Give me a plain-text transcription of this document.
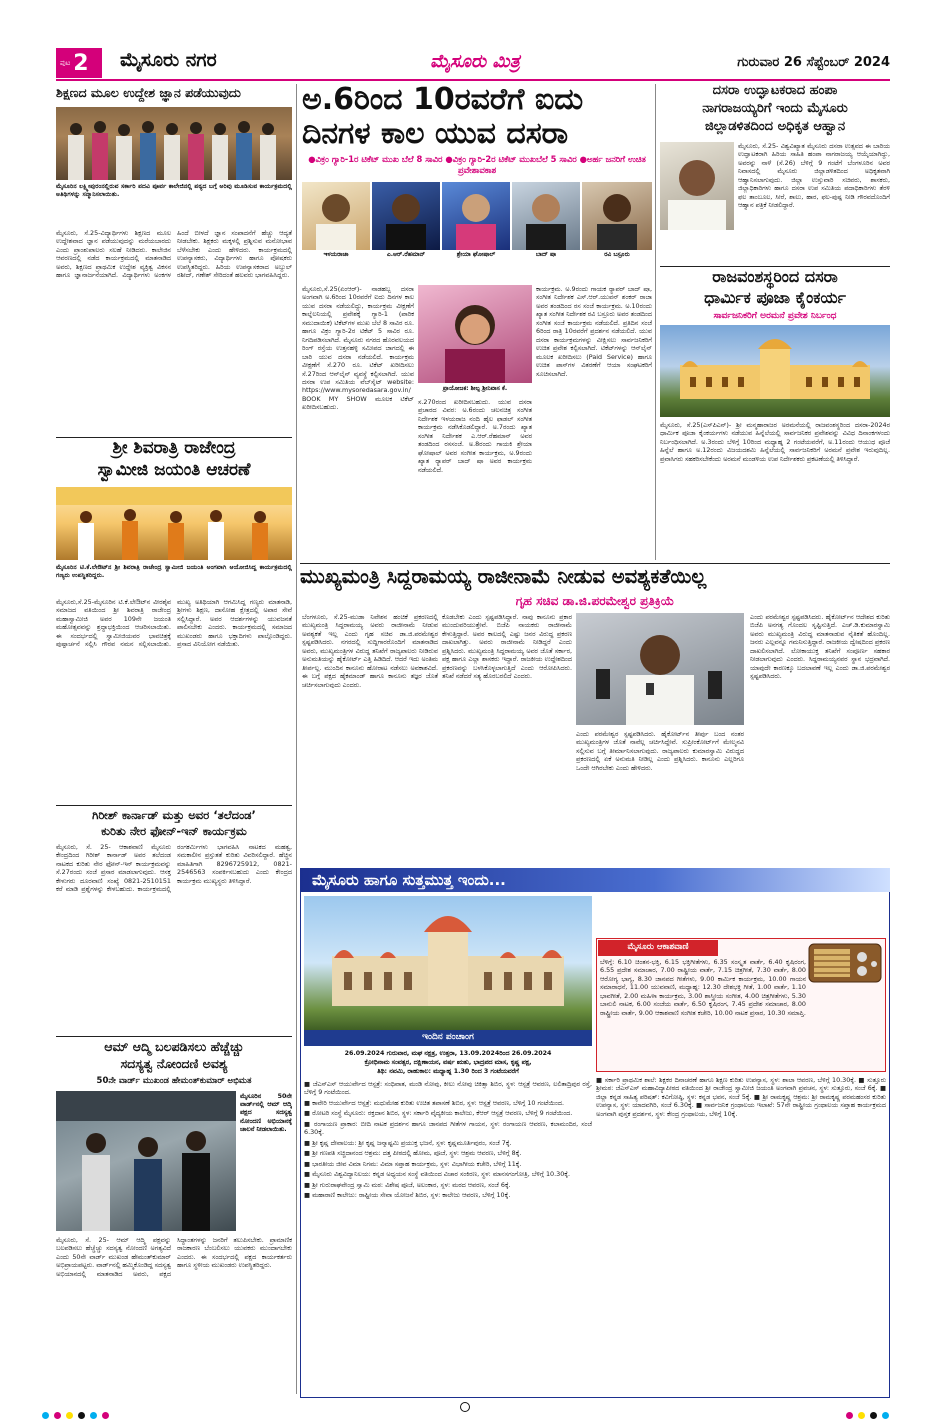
ಪುಟ 2 ಮೈಸೂರು ನಗರ	ಮೈಸೂರು ಮಿತ್ರ	ಗುರುವಾರ 26 ಸೆಪ್ಟೆಂಬರ್ 2024
ಶಿಕ್ಷಣದ ಮೂಲ ಉದ್ದೇಶ ಜ್ಞಾನ ಪಡೆಯುವುದು
ಮೈಸೂರಿನ ಲಕ್ಷ್ಮೀಪುರಂನಲ್ಲಿರುವ ಸರ್ಕಾರಿ ಪದವಿ ಪೂರ್ವ ಕಾಲೇಜಿನಲ್ಲಿ ಪಠ್ಯದ ಬಗ್ಗೆ ಅರಿವು ಮೂಡಿಸುವ ಕಾರ್ಯಕ್ರಮದಲ್ಲಿ ಅತಿಥಿಗಳನ್ನು ಸನ್ಮಾನಿಸಲಾಯಿತು.
ಮೈಸೂರು, ಸೆ.25-ವಿದ್ಯಾರ್ಥಿಗಳು ಶಿಕ್ಷಣದ ಮೂಲ ಉದ್ದೇಶವಾದ ಜ್ಞಾನ ಪಡೆಯುವುದನ್ನು ಮರೆಯಬಾರದು ಎಂದು ಪ್ರಾಂಶುಪಾಲರು ಸಲಹೆ ನೀಡಿದರು. ಕಾಲೇಜಿನ ಆವರಣದಲ್ಲಿ ನಡೆದ ಕಾರ್ಯಕ್ರಮದಲ್ಲಿ ಮಾತನಾಡಿದ ಅವರು, ಶಿಕ್ಷಣದ ಪ್ರಾಥಮಿಕ ಉದ್ದೇಶ ವ್ಯಕ್ತಿತ್ವ ವಿಕಸನ ಹಾಗೂ ಜ್ಞಾನಾರ್ಜನೆಯಾಗಿದೆ. ವಿದ್ಯಾರ್ಥಿಗಳು ಅಂಕಗಳ ಹಿಂದೆ ಬೀಳದೆ ಜ್ಞಾನ ಸಂಪಾದನೆಗೆ ಹೆಚ್ಚು ಆದ್ಯತೆ ನೀಡಬೇಕು. ಶಿಕ್ಷಕರು ಮಕ್ಕಳಲ್ಲಿ ಪ್ರಶ್ನಿಸುವ ಮನೋಭಾವ ಬೆಳೆಸಬೇಕು ಎಂದು ಹೇಳಿದರು. ಕಾರ್ಯಕ್ರಮದಲ್ಲಿ ಉಪನ್ಯಾಸಕರು, ವಿದ್ಯಾರ್ಥಿಗಳು ಹಾಗೂ ಪೋಷಕರು ಉಪಸ್ಥಿತರಿದ್ದರು. ಹಿರಿಯ ಉಪನ್ಯಾಸಕರಾದ ಅಬ್ದುಲ್ ರಶೀದ್, ಗಣೇಶ್ ಸೇರಿದಂತೆ ಹಲವರು ಭಾಗವಹಿಸಿದ್ದರು.
ಶ್ರೀ ಶಿವರಾತ್ರಿ ರಾಜೇಂದ್ರ
ಸ್ವಾಮೀಜಿ ಜಯಂತಿ ಆಚರಣೆ
ಮೈಸೂರಿನ ಟಿ.ಕೆ.ಲೇಔಟ್‌ನ ಶ್ರೀ ಶಿವರಾತ್ರಿ ರಾಜೇಂದ್ರ ಸ್ವಾಮೀಜಿ ಜಯಂತಿ ಅಂಗವಾಗಿ ಆಯೋಜಿಸಿದ್ದ ಕಾರ್ಯಕ್ರಮದಲ್ಲಿ ಗಣ್ಯರು ಉಪಸ್ಥಿತರಿದ್ದರು.
ಮೈಸೂರು,ಸೆ.25-ಮೈಸೂರಿನ ಟಿ.ಕೆ.ಲೇಔಟ್‌ನ ವೀರಶೈವ ಸಮಾಜದ ವತಿಯಿಂದ ಶ್ರೀ ಶಿವರಾತ್ರಿ ರಾಜೇಂದ್ರ ಮಹಾಸ್ವಾಮೀಜಿ ಅವರ 109ನೇ ಜಯಂತಿ ಮಹೋತ್ಸವವನ್ನು ಶ್ರದ್ಧಾಭಕ್ತಿಯಿಂದ ಆಚರಿಸಲಾಯಿತು. ಈ ಸಂದರ್ಭದಲ್ಲಿ ಸ್ವಾಮೀಜಿಯವರ ಭಾವಚಿತ್ರಕ್ಕೆ ಪುಷ್ಪಾರ್ಚನೆ ಸಲ್ಲಿಸಿ ಗೌರವ ನಮನ ಸಲ್ಲಿಸಲಾಯಿತು. ಮುಖ್ಯ ಅತಿಥಿಯಾಗಿ ಆಗಮಿಸಿದ್ದ ಗಣ್ಯರು ಮಾತನಾಡಿ, ಶ್ರೀಗಳು ಶಿಕ್ಷಣ, ದಾಸೋಹ ಕ್ಷೇತ್ರದಲ್ಲಿ ಅಪಾರ ಸೇವೆ ಸಲ್ಲಿಸಿದ್ದಾರೆ. ಅವರ ಆದರ್ಶಗಳನ್ನು ಯುವಜನತೆ ಪಾಲಿಸಬೇಕು ಎಂದರು. ಕಾರ್ಯಕ್ರಮದಲ್ಲಿ ಸಮಾಜದ ಮುಖಂಡರು ಹಾಗೂ ಭಕ್ತಾದಿಗಳು ಪಾಲ್ಗೊಂಡಿದ್ದರು. ಪ್ರಸಾದ ವಿನಿಯೋಗ ನಡೆಯಿತು.
ಗಿರೀಶ್ ಕಾರ್ನಾಡ್ ಮತ್ತು ಅವರ ‘ತಲೆದಂಡ’
ಕುರಿತು ನೇರ ಫೋನ್-ಇನ್ ಕಾರ್ಯಕ್ರಮ
ಮೈಸೂರು, ಸೆ. 25- ಆಕಾಶವಾಣಿ ಮೈಸೂರು ಕೇಂದ್ರದಿಂದ ಗಿರೀಶ್ ಕಾರ್ನಾಡ್ ಅವರ ತಲೆದಂಡ ನಾಟಕದ ಕುರಿತು ನೇರ ಫೋನ್-ಇನ್ ಕಾರ್ಯಕ್ರಮವನ್ನು ಸೆ.27ರಂದು ಸಂಜೆ ಪ್ರಸಾರ ಮಾಡಲಾಗುವುದು. ಆಸಕ್ತ ಕೇಳುಗರು ದೂರವಾಣಿ ಸಂಖ್ಯೆ 0821-2510151 ಕರೆ ಮಾಡಿ ಪ್ರಶ್ನೆಗಳನ್ನು ಕೇಳಬಹುದು. ಕಾರ್ಯಕ್ರಮದಲ್ಲಿ ರಂಗಕರ್ಮಿಗಳು ಭಾಗವಹಿಸಿ ನಾಟಕದ ಮಹತ್ವ, ಸಮಕಾಲೀನ ಪ್ರಸ್ತುತತೆ ಕುರಿತು ವಿವರಿಸಲಿದ್ದಾರೆ. ಹೆಚ್ಚಿನ ಮಾಹಿತಿಗಾಗಿ 8296725912, 0821-2546563 ಸಂಪರ್ಕಿಸಬಹುದು ಎಂದು ಕೇಂದ್ರದ ಕಾರ್ಯಕ್ರಮ ಮುಖ್ಯಸ್ಥರು ತಿಳಿಸಿದ್ದಾರೆ.
ಆಮ್ ಆದ್ಮಿ ಬಲಪಡಿಸಲು ಹೆಚ್ಚೆಚ್ಚು
ಸದಸ್ಯತ್ವ ನೋಂದಣಿ ಅವಶ್ಯ
50ನೇ ವಾರ್ಡ್ ಮುಖಂಡ ಹೇಮಂತ್‌ಕುಮಾರ್ ಅಭಿಮತ
ಮೈಸೂರಿನ 50ನೇ ವಾರ್ಡ್‌ನಲ್ಲಿ ಆಮ್ ಆದ್ಮಿ ಪಕ್ಷದ ಸದಸ್ಯತ್ವ ನೋಂದಣಿ ಅಭಿಯಾನಕ್ಕೆ ಚಾಲನೆ ನೀಡಲಾಯಿತು.
ಮೈಸೂರು, ಸೆ. 25- ಆಮ್ ಆದ್ಮಿ ಪಕ್ಷವನ್ನು ಬಲಪಡಿಸಲು ಹೆಚ್ಚೆಚ್ಚು ಸದಸ್ಯತ್ವ ನೋಂದಣಿ ಅಗತ್ಯವಿದೆ ಎಂದು 50ನೇ ವಾರ್ಡ್ ಮುಖಂಡ ಹೇಮಂತ್‌ಕುಮಾರ್ ಅಭಿಪ್ರಾಯಪಟ್ಟರು. ವಾರ್ಡ್‌ನಲ್ಲಿ ಹಮ್ಮಿಕೊಂಡಿದ್ದ ಸದಸ್ಯತ್ವ ಅಭಿಯಾನದಲ್ಲಿ ಮಾತನಾಡಿದ ಅವರು, ಪಕ್ಷದ ಸಿದ್ಧಾಂತಗಳನ್ನು ಜನರಿಗೆ ತಲುಪಿಸಬೇಕು. ಪ್ರಾಮಾಣಿಕ ರಾಜಕಾರಣ ಬೆಂಬಲಿಸಲು ಯುವಕರು ಮುಂದಾಗಬೇಕು ಎಂದರು. ಈ ಸಂದರ್ಭದಲ್ಲಿ ಪಕ್ಷದ ಕಾರ್ಯಕರ್ತರು ಹಾಗೂ ಸ್ಥಳೀಯ ಮುಖಂಡರು ಉಪಸ್ಥಿತರಿದ್ದರು.
ಅ.6ರಿಂದ 10ರವರೆಗೆ ಐದು
ದಿನಗಳ ಕಾಲ ಯುವ ದಸರಾ
●ವಿಕ್ರಂ ಗ್ಯಾರಿ-1ರ ಟಿಕೆಟ್ ಮುಖ ಬೆಲೆ 8 ಸಾವಿರ ●ವಿಕ್ರಂ ಗ್ಯಾರಿ-2ರ ಟಿಕೆಟ್ ಮುಖಬೆಲೆ 5 ಸಾವಿರ ●ಅರ್ಹ ಜನರಿಗೆ ಉಚಿತ ಪ್ರವೇಶಾವಕಾಶ
ಇಳಯರಾಜಾ	ಎ.ಆರ್.ರೆಹಮಾನ್	ಶ್ರೇಯಾ ಘೋಷಾಲ್	ಬಾದ್ ಷಾ	ರವಿ ಬಸ್ರೂರು
ಮೈಸೂರು,ಸೆ.25(ಏಂಆರ್)- ನಾಡಹಬ್ಬ ದಸರಾ ಅಂಗವಾಗಿ ಅ.6ರಿಂದ 10ರವರೆಗೆ ಐದು ದಿನಗಳ ಕಾಲ ಯುವ ದಸರಾ ನಡೆಯಲಿದ್ದು, ಕಾರ್ಯಕ್ರಮ ವೀಕ್ಷಣೆಗೆ ಕಾಲ್ನೆಲನಿಯಲ್ಲಿ ಪ್ರವೇಶಕ್ಕೆ ಗ್ಯಾರಿ-1 (ಪಾರಿಕ ಸಮುದಾಯಿಕ) ಟಿಕೆಟ್‌ಗಳ ಮುಖ ಬೆಲೆ 8 ಸಾವಿರ ರೂ. ಹಾಗೂ ವಿಕ್ರಂ ಗ್ಯಾರಿ-2ರ ಟಿಕೆಟ್ 5 ಸಾವಿರ ರೂ. ನಿಗದಿಪಡಿಸಲಾಗಿದೆ. ಮೈಸೂರು ನಗರದ ಹೊರವಲಯದ ರಿಂಗ್ ರಸ್ತೆಯ ಉತ್ತನಹಳ್ಳಿ ಸಮೀಪದ ಜಾಗದಲ್ಲಿ ಈ ಬಾರಿ ಯುವ ದಸರಾ ನಡೆಯಲಿದೆ. ಕಾರ್ಯಕ್ರಮ ವೀಕ್ಷಣೆಗೆ ಸೆ.270 ರೂ. ಟಿಕೆಟ್ ಖರೀದಿಸಲು ಸೆ.27ರಿಂದ ಆನ್‌ಲೈನ್ ವ್ಯವಸ್ಥೆ ಕಲ್ಪಿಸಲಾಗಿದೆ. ಯುವ ದಸರಾ ಉಪ ಸಮಿತಿಯ ವೆಬ್‌ಸೈಟ್ website: https://www.mysoredasara.gov.in/ BOOK MY SHOW ಮೂಲಕ ಟಿಕೆಟ್ ಖರೀದಿಸಬಹುದು.
ಪ್ರಾಯೋಜಕ: ಶೀಲ್ಪ ಶ್ರೀನಿವಾಸ ಕೆ.
ಸ.270ರಂದ ಖರೀದಿಸಬಹುದು. ಯುವ ದಸರಾ ಪ್ರಚಾರದ ವಿವರ: ಅ.6ರಂದು ಚಲನಚಿತ್ರ ಸಂಗೀತ ನಿರ್ದೇಶಕ ಇಳಯರಾಜ ನಂದಿ ಹೈಲ ಫಾಡಲ್ ಸಂಗೀತ ಕಾರ್ಯಕ್ರಮ ನಡೆಸಿಕೊಡಲಿದ್ದಾರೆ. ಅ.7ರಂದು ಖ್ಯಾತ ಸಂಗೀತ ನಿರ್ದೇಶಕ ಎ.ಆರ್.ರೆಹಮಾನ್ ಅವರ ತಂಡದಿಂದ ರಸಸಂಜೆ. ಅ.8ರಂದು ಗಾಯಕಿ ಶ್ರೇಯಾ ಘೋಷಾಲ್ ಅವರ ಸಂಗೀತ ಕಾರ್ಯಕ್ರಮ, ಅ.9ರಂದು ಖ್ಯಾತ ರ‍್ಯಾಪರ್ ಬಾದ್ ಷಾ ಅವರ ಕಾರ್ಯಕ್ರಮ ನಡೆಯಲಿದೆ.
ಕಾರ್ಯಕ್ರಮ. ಅ.9ರಂದು ಗಾಯಕ ರ‍್ಯಾಪರ್ ಬಾದ್ ಷಾ, ಸಂಗೀತ ನಿರ್ದೇಶಕ ಎಸ್.ಆರ್.ಯುವನ್ ಶಂಕರ್ ರಾಜಾ ಅವರ ತಂಡದಿಂದ ರಸ ಸಂಜೆ ಕಾರ್ಯಕ್ರಮ. ಅ.10ರಂದು ಖ್ಯಾತ ಸಂಗೀತ ನಿರ್ದೇಶಕ ರವಿ ಬಸ್ರೂರು ಅವರ ತಂಡದಿಂದ ಸಂಗೀತ ಸಂಜೆ ಕಾರ್ಯಕ್ರಮ ನಡೆಯಲಿದೆ. ಪ್ರತಿದಿನ ಸಂಜೆ 6ರಿಂದ ರಾತ್ರಿ 10ರವರೆಗೆ ಪ್ರದರ್ಶನ ನಡೆಯಲಿದೆ. ಯುವ ದಸರಾ ಕಾರ್ಯಕ್ರಮಗಳನ್ನು ವೀಕ್ಷಿಸಲು ಸಾರ್ವಜನಿಕರಿಗೆ ಉಚಿತ ಪ್ರವೇಶ ಕಲ್ಪಿಸಲಾಗಿದೆ. ಟಿಕೆಟ್‌ಗಳನ್ನು ಆನ್‌ಲೈನ್ ಮೂಲಕ ಖರೀದಿಸಲು (Paid Service) ಹಾಗೂ ಉಚಿತ ಪಾಸ್‌ಗಳ ವಿತರಣೆಗೆ ಆಯಾ ಸಂಘಟಕರಿಗೆ ಸೂಚಿಸಲಾಗಿದೆ.
ದಸರಾ ಉದ್ಘಾಟಕರಾದ ಹಂಪಾ
ನಾಗರಾಜಯ್ಯರಿಗೆ ಇಂದು ಮೈಸೂರು
ಜಿಲ್ಲಾಡಳಿತದಿಂದ ಅಧಿಕೃತ ಆಹ್ವಾನ
ಮೈಸೂರು, ಸೆ.25- ವಿಶ್ವವಿಖ್ಯಾತ ಮೈಸೂರು ದಸರಾ ಉತ್ಸವದ ಈ ಬಾರಿಯ ಉದ್ಘಾಟಕರಾಗಿ ಹಿರಿಯ ಸಾಹಿತಿ ಹಂಪಾ ನಾಗರಾಜಯ್ಯ ಆಯ್ಕೆಯಾಗಿದ್ದು, ಅವರನ್ನು ನಾಳೆ (ಸೆ.26) ಬೆಳಿಗ್ಗೆ 9 ಗಂಟೆಗೆ ಬೆಂಗಳೂರಿನ ಅವರ ನಿವಾಸದಲ್ಲಿ ಮೈಸೂರು ಜಿಲ್ಲಾಡಳಿತದಿಂದ ಅಧಿಕೃತವಾಗಿ ಆಹ್ವಾನಿಸಲಾಗುವುದು. ಜಿಲ್ಲಾ ಉಸ್ತುವಾರಿ ಸಚಿವರು, ಶಾಸಕರು, ಜಿಲ್ಲಾಧಿಕಾರಿಗಳು ಹಾಗೂ ದಸರಾ ಉಪ ಸಮಿತಿಯ ಪದಾಧಿಕಾರಿಗಳು ತೆರಳಿ ಫಲ ತಾಂಬೂಲ, ಸೀರೆ, ಶಾಲು, ಹಾರ, ಫಲ-ಪುಷ್ಪ ನೀಡಿ ಗೌರವದೊಂದಿಗೆ ಆಹ್ವಾನ ಪತ್ರಿಕೆ ನೀಡಲಿದ್ದಾರೆ.
ರಾಜವಂಶಸ್ಥರಿಂದ ದಸರಾ
ಧಾರ್ಮಿಕ ಪೂಜಾ ಕೈಂಕರ್ಯ
ಸಾರ್ವಜನಿಕರಿಗೆ ಅರಮನೆ ಪ್ರವೇಶ ನಿರ್ಬಂಧ
ಮೈಸೂರು, ಸೆ.25(ಎಸ್‌ಪಿಎನ್)- ಶ್ರೀ ಮನ್ಮಹಾರಾಜರ ಅರಮನೆಯಲ್ಲಿ ರಾಜವಂಶಸ್ಥರಿಂದ ದಸರಾ-2024ರ ಧಾರ್ಮಿಕ ಪೂಜಾ ಕೈಂಕರ್ಯಗಳು ನಡೆಯುವ ಹಿನ್ನೆಲೆಯಲ್ಲಿ ಸಾರ್ವಜನಿಕರ ಪ್ರವೇಶವನ್ನು ವಿವಿಧ ದಿನಾಂಕಗಳಂದು ನಿರ್ಬಂಧಿಸಲಾಗಿದೆ. ಅ.3ರಂದು ಬೆಳಿಗ್ಗೆ 10ರಿಂದ ಮಧ್ಯಾಹ್ನ 2 ಗಂಟೆಯವರೆಗೆ, ಅ.11ರಂದು ಆಯುಧ ಪೂಜೆ ಹಿನ್ನೆಲೆ ಹಾಗೂ ಅ.12ರಂದು ವಿಜಯದಶಮಿ ಹಿನ್ನೆಲೆಯಲ್ಲಿ ಸಾರ್ವಜನಿಕರಿಗೆ ಅರಮನೆ ಪ್ರವೇಶ ಇರುವುದಿಲ್ಲ. ಪ್ರವಾಸಿಗರು ಸಹಕರಿಸಬೇಕೆಂದು ಅರಮನೆ ಮಂಡಳಿಯ ಉಪ ನಿರ್ದೇಶಕರು ಪ್ರಕಟಣೆಯಲ್ಲಿ ತಿಳಿಸಿದ್ದಾರೆ.
ಮುಖ್ಯಮಂತ್ರಿ ಸಿದ್ದರಾಮಯ್ಯ ರಾಜೀನಾಮೆ ನೀಡುವ ಅವಶ್ಯಕತೆಯಿಲ್ಲ
ಗೃಹ ಸಚಿವ ಡಾ.ಜಿ.ಪರಮೇಶ್ವರ ಪ್ರತಿಕ್ರಿಯೆ
ಬೆಂಗಳೂರು, ಸೆ.25-ಮುಡಾ ನಿವೇಶನ ಹಂಚಿಕೆ ಪ್ರಕರಣದಲ್ಲಿ ಮುಖ್ಯಮಂತ್ರಿ ಸಿದ್ದರಾಮಯ್ಯ ಅವರು ರಾಜೀನಾಮೆ ನೀಡುವ ಅವಶ್ಯಕತೆ ಇಲ್ಲ ಎಂದು ಗೃಹ ಸಚಿವ ಡಾ.ಜಿ.ಪರಮೇಶ್ವರ ಸ್ಪಷ್ಟಪಡಿಸಿದರು. ನಗರದಲ್ಲಿ ಸುದ್ದಿಗಾರರೊಂದಿಗೆ ಮಾತನಾಡಿದ ಅವರು, ಮುಖ್ಯಮಂತ್ರಿಗಳ ವಿರುದ್ಧ ತನಿಖೆಗೆ ರಾಜ್ಯಪಾಲರು ನೀಡಿರುವ ಅನುಮತಿಯನ್ನು ಹೈಕೋರ್ಟ್ ಎತ್ತಿ ಹಿಡಿದಿದೆ. ಆದರೆ ಇದು ಅಂತಿಮ ತೀರ್ಪಲ್ಲ. ಮುಂದಿನ ಕಾನೂನು ಹೋರಾಟ ನಡೆಸಲು ಅವಕಾಶವಿದೆ. ಈ ಬಗ್ಗೆ ಪಕ್ಷದ ಹೈಕಮಾಂಡ್ ಹಾಗೂ ಕಾನೂನು ತಜ್ಞರ ಜೊತೆ ಚರ್ಚಿಸಲಾಗುವುದು ಎಂದರು.
ಕೊಡಬೇಕು ಎಂದು ಸ್ಪಷ್ಟಪಡಿಸಿದ್ದಾರೆ. ನಾವು ಕಾನೂನು ಪ್ರಕಾರ ಮುಂದುವರಿಯುತ್ತೇವೆ. ಬಿಜೆಪಿ ನಾಯಕರು ರಾಜೀನಾಮೆ ಕೇಳುತ್ತಿದ್ದಾರೆ. ಅವರ ಕಾಲದಲ್ಲಿ ಎಷ್ಟು ಜನರ ವಿರುದ್ಧ ಪ್ರಕರಣ ದಾಖಲಾಗಿತ್ತು. ಅವರು ರಾಜೀನಾಮೆ ನೀಡಿದ್ದರೆ ಎಂದು ಪ್ರಶ್ನಿಸಿದರು. ಮುಖ್ಯಮಂತ್ರಿ ಸಿದ್ದರಾಮಯ್ಯ ಅವರ ಜೊತೆ ಸರ್ಕಾರ, ಪಕ್ಷ ಹಾಗೂ ಎಲ್ಲಾ ಶಾಸಕರು ಇದ್ದಾರೆ. ರಾಜಕೀಯ ಉದ್ದೇಶದಿಂದ ಪ್ರಕರಣವನ್ನು ಬಳಸಿಕೊಳ್ಳಲಾಗುತ್ತಿದೆ ಎಂದು ಆರೋಪಿಸಿದರು. ತನಿಖೆ ನಡೆದರೆ ಸತ್ಯ ಹೊರಬರಲಿದೆ ಎಂದರು.
ಎಂದು ಪರಮೇಶ್ವರ ಸ್ಪಷ್ಟಪಡಿಸಿದರು. ಹೈಕೋರ್ಟ್‌ನ ತೀರ್ಪು ಬಂದ ನಂತರ ಮುಖ್ಯಮಂತ್ರಿಗಳ ಜೊತೆ ನಾವೆಲ್ಲ ಚರ್ಚಿಸಿದ್ದೇವೆ. ಸುಪ್ರೀಂಕೋರ್ಟ್‌ಗೆ ಮೇಲ್ಮನವಿ ಸಲ್ಲಿಸುವ ಬಗ್ಗೆ ತೀರ್ಮಾನಿಸಲಾಗುವುದು. ರಾಜ್ಯಪಾಲರು ಕುಮಾರಸ್ವಾಮಿ ವಿರುದ್ಧದ ಪ್ರಕರಣದಲ್ಲಿ ಏಕೆ ಅನುಮತಿ ನೀಡಿಲ್ಲ ಎಂದು ಪ್ರಶ್ನಿಸಿದರು. ಕಾನೂನು ಎಲ್ಲರಿಗೂ ಒಂದೇ ಆಗಿರಬೇಕು ಎಂದು ಹೇಳಿದರು.
ಎಂದು ಪರಮೇಶ್ವರ ಸ್ಪಷ್ಟಪಡಿಸಿದರು. ಹೈಕೋರ್ಟ್‌ನ ಆದೇಶದ ಕುರಿತು ಬಿಜೆಪಿ ಅನಗತ್ಯ ಗೊಂದಲ ಸೃಷ್ಟಿಸುತ್ತಿದೆ. ಎಚ್.ಡಿ.ಕುಮಾರಸ್ವಾಮಿ ಅವರು ಮುಖ್ಯಮಂತ್ರಿ ವಿರುದ್ಧ ಮಾತನಾಡುವ ನೈತಿಕತೆ ಹೊಂದಿಲ್ಲ. ಜನರು ಎಲ್ಲವನ್ನೂ ಗಮನಿಸುತ್ತಿದ್ದಾರೆ. ರಾಜಕೀಯ ದ್ವೇಷದಿಂದ ಪ್ರಕರಣ ದಾಖಲಿಸಲಾಗಿದೆ. ಲೋಕಾಯುಕ್ತ ತನಿಖೆಗೆ ಸಂಪೂರ್ಣ ಸಹಕಾರ ನೀಡಲಾಗುವುದು ಎಂದರು. ಸಿದ್ದರಾಮಯ್ಯನವರ ಸ್ಥಾನ ಭದ್ರವಾಗಿದೆ. ಯಾವುದೇ ಕಾರಣಕ್ಕೂ ಬದಲಾವಣೆ ಇಲ್ಲ ಎಂದು ಡಾ.ಜಿ.ಪರಮೇಶ್ವರ ಸ್ಪಷ್ಟಪಡಿಸಿದರು.
ಮೈಸೂರು ಹಾಗೂ ಸುತ್ತಮುತ್ತ ಇಂದು...
ಇಂದಿನ ಪಂಚಾಂಗ
26.09.2024 ಗುರುವಾರ, ಮಘ ನಕ್ಷತ್ರ, ಉತ್ತರಾ, 13.09.2024ರಿಂದ 26.09.2024
ಕ್ರೋಧಿನಾಮ ಸಂವತ್ಸರ, ದಕ್ಷಿಣಾಯನ, ವರ್ಷ ಋತು, ಭಾದ್ರಪದ ಮಾಸ, ಕೃಷ್ಣ ಪಕ್ಷ,
ತಿಥಿ: ನವಮಿ, ರಾಹುಕಾಲ: ಮಧ್ಯಾಹ್ನ 1.30 ರಿಂದ 3 ಗಂಟೆಯವರೆಗೆ
■ ಜೆಎಸ್‌ಎಸ್ ಆಯುರ್ವೇದ ಆಸ್ಪತ್ರೆ: ಸಂಧಿವಾತ, ಮಂಡಿ ನೋವು, ಕೀಲು ನೋವು ಚಿಕಿತ್ಸಾ ಶಿಬಿರ, ಸ್ಥಳ: ಆಸ್ಪತ್ರೆ ಆವರಣ, ಲಲಿತಾದ್ರಿಪುರ ರಸ್ತೆ, ಬೆಳಿಗ್ಗೆ 9 ಗಂಟೆಯಿಂದ.
■ ಕಾವೇರಿ ಆಯುರ್ವೇದ ಆಸ್ಪತ್ರೆ: ಮಧುಮೇಹ ಕುರಿತು ಉಚಿತ ತಪಾಸಣೆ ಶಿಬಿರ, ಸ್ಥಳ: ಆಸ್ಪತ್ರೆ ಆವರಣ, ಬೆಳಿಗ್ಗೆ 10 ಗಂಟೆಯಿಂದ.
■ ರೋಟರಿ ಸಂಸ್ಥೆ ಮೈಸೂರು: ರಕ್ತದಾನ ಶಿಬಿರ, ಸ್ಥಳ: ಸರ್ಕಾರಿ ವೈದ್ಯಕೀಯ ಕಾಲೇಜು, ಕೆಆರ್ ಆಸ್ಪತ್ರೆ ಆವರಣ, ಬೆಳಿಗ್ಗೆ 9 ಗಂಟೆಯಿಂದ.
■ ರಂಗಾಯಣ ಪ್ರಾಕಾರ: ಬೀದಿ ನಾಟಕ ಪ್ರದರ್ಶನ ಹಾಗೂ ಜಾನಪದ ಗೀತೆಗಳ ಗಾಯನ, ಸ್ಥಳ: ರಂಗಾಯಣ ಆವರಣ, ಕಲಾಮಂದಿರ, ಸಂಜೆ 6.30ಕ್ಕೆ.
■ ಶ್ರೀ ಕೃಷ್ಣ ದೇವಾಲಯ: ಶ್ರೀ ಕೃಷ್ಣ ಜನ್ಮಾಷ್ಟಮಿ ಪ್ರಯುಕ್ತ ಭಜನೆ, ಸ್ಥಳ: ಕೃಷ್ಣಮೂರ್ತಿಪುರಂ, ಸಂಜೆ 7ಕ್ಕೆ.
■ ಶ್ರೀ ಗಣಪತಿ ಸಚ್ಚಿದಾನಂದ ಆಶ್ರಮ: ದತ್ತ ಪೀಠದಲ್ಲಿ ಹೋಮ, ಪೂಜೆ, ಸ್ಥಳ: ಆಶ್ರಮ ಆವರಣ, ಬೆಳಿಗ್ಗೆ 8ಕ್ಕೆ.
■ ಭಾರತೀಯ ಜೀವ ವಿಮಾ ನಿಗಮ: ವಿಮಾ ಸಪ್ತಾಹ ಕಾರ್ಯಕ್ರಮ, ಸ್ಥಳ: ವಿಭಾಗೀಯ ಕಚೇರಿ, ಬೆಳಿಗ್ಗೆ 11ಕ್ಕೆ.
■ ಮೈಸೂರು ವಿಶ್ವವಿದ್ಯಾನಿಲಯ: ಕನ್ನಡ ಅಧ್ಯಯನ ಸಂಸ್ಥೆ ವತಿಯಿಂದ ವಿಚಾರ ಸಂಕಿರಣ, ಸ್ಥಳ: ಮಾನಸಗಂಗೋತ್ರಿ, ಬೆಳಿಗ್ಗೆ 10.30ಕ್ಕೆ.
■ ಶ್ರೀ ಗುರುರಾಘವೇಂದ್ರ ಸ್ವಾಮಿ ಮಠ: ವಿಶೇಷ ಪೂಜೆ, ಅಲಂಕಾರ, ಸ್ಥಳ: ಮಠದ ಆವರಣ, ಸಂಜೆ 6ಕ್ಕೆ.
■ ಮಹಾರಾಣಿ ಕಾಲೇಜು: ರಾಷ್ಟ್ರೀಯ ಸೇವಾ ಯೋಜನೆ ಶಿಬಿರ, ಸ್ಥಳ: ಕಾಲೇಜು ಆವರಣ, ಬೆಳಿಗ್ಗೆ 10ಕ್ಕೆ.
ಮೈಸೂರು ಆಕಾಶವಾಣಿ
ಬೆಳಿಗ್ಗೆ: 6.10 ಚಿಂತನ-ಭಕ್ತಿ, 6.15 ಭಕ್ತಿಗೀತೆಗಳು, 6.35 ಸಂಸ್ಕೃತ ವಾರ್ತೆ, 6.40 ಕೃಷಿರಂಗ, 6.55 ಪ್ರದೇಶ ಸಮಾಚಾರ, 7.00 ರಾಷ್ಟ್ರೀಯ ವಾರ್ತೆ, 7.15 ಚಿತ್ರಗೀತೆ, 7.30 ವಾರ್ತೆ, 8.00 ಆರೋಗ್ಯ ಭಾಗ್ಯ, 8.30 ಜಾನಪದ ಗೀತೆಗಳು, 9.00 ಕಾರ್ಮಿಕ ಕಾರ್ಯಕ್ರಮ, 10.00 ಗಾಯನ ಸಮಾರಾಧನೆ, 11.00 ಯುವವಾಣಿ, ಮಧ್ಯಾಹ್ನ: 12.30 ದೇಶಭಕ್ತಿ ಗೀತೆ, 1.00 ವಾರ್ತೆ, 1.10 ಭಾವಗೀತೆ, 2.00 ಮಹಿಳಾ ಕಾರ್ಯಕ್ರಮ, 3.00 ಶಾಸ್ತ್ರೀಯ ಸಂಗೀತ, 4.00 ಚಿತ್ರಗೀತೆಗಳು, 5.30 ಬಾನುಲಿ ನಾಟಕ, 6.00 ಸಂಜೆಯ ವಾರ್ತೆ, 6.50 ಕೃಷಿರಂಗ, 7.45 ಪ್ರದೇಶ ಸಮಾಚಾರ, 8.00 ರಾಷ್ಟ್ರೀಯ ವಾರ್ತೆ, 9.00 ಆಕಾಶವಾಣಿ ಸಂಗೀತ ಕಚೇರಿ, 10.00 ನಾಟಕ ಪ್ರಸಾರ, 10.30 ಸಮಾಪ್ತಿ.
■ ಸರ್ಕಾರಿ ಪ್ರಾಥಮಿಕ ಶಾಲೆ: ಶಿಕ್ಷಕರ ದಿನಾಚರಣೆ ಹಾಗೂ ಶಿಕ್ಷಣ ಕುರಿತು ಉಪನ್ಯಾಸ, ಸ್ಥಳ: ಶಾಲಾ ಆವರಣ, ಬೆಳಿಗ್ಗೆ 10.30ಕ್ಕೆ. ■ ಸುತ್ತೂರು ಶ್ರೀಮಠ: ಜೆಎಸ್‌ಎಸ್ ಮಹಾವಿದ್ಯಾಪೀಠದ ವತಿಯಿಂದ ಶ್ರೀ ರಾಜೇಂದ್ರ ಸ್ವಾಮೀಜಿ ಜಯಂತಿ ಅಂಗವಾಗಿ ಪ್ರವಚನ, ಸ್ಥಳ: ಸುತ್ತೂರು, ಸಂಜೆ 6ಕ್ಕೆ. ■ ಜಿಲ್ಲಾ ಕನ್ನಡ ಸಾಹಿತ್ಯ ಪರಿಷತ್: ಕವಿಗೋಷ್ಠಿ, ಸ್ಥಳ: ಕನ್ನಡ ಭವನ, ಸಂಜೆ 5ಕ್ಕೆ. ■ ಶ್ರೀ ರಾಮಕೃಷ್ಣ ಆಶ್ರಮ: ಶ್ರೀ ರಾಮಕೃಷ್ಣ ಪರಮಹಂಸರ ಕುರಿತು ಉಪನ್ಯಾಸ, ಸ್ಥಳ: ಯಾದವಗಿರಿ, ಸಂಜೆ 6.30ಕ್ಕೆ. ■ ಸಾರ್ವಜನಿಕ ಗ್ರಂಥಾಲಯ ಇಲಾಖೆ: 57ನೇ ರಾಷ್ಟ್ರೀಯ ಗ್ರಂಥಾಲಯ ಸಪ್ತಾಹ ಕಾರ್ಯಕ್ರಮದ ಅಂಗವಾಗಿ ಪುಸ್ತಕ ಪ್ರದರ್ಶನ, ಸ್ಥಳ: ಕೇಂದ್ರ ಗ್ರಂಥಾಲಯ, ಬೆಳಿಗ್ಗೆ 10ಕ್ಕೆ.
